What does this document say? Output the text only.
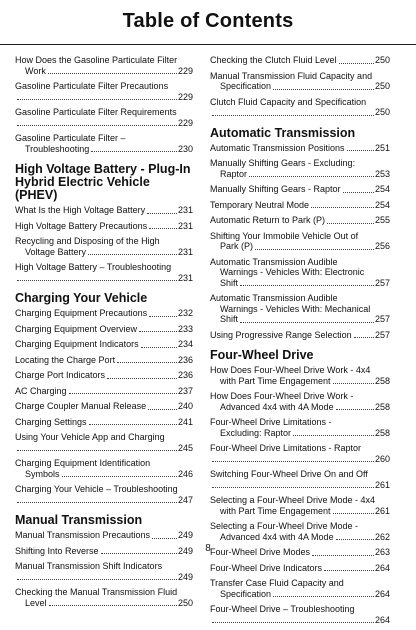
Table of Contents
How Does the Gasoline Particulate Filter
Work	229
Gasoline Particulate Filter Precautions
229
Gasoline Particulate Filter Requirements
229
Gasoline Particulate Filter –
Troubleshooting	230
High Voltage Battery - Plug-In Hybrid Electric Vehicle (PHEV)
What Is the High Voltage Battery	231
High Voltage Battery Precautions	231
Recycling and Disposing of the High
Voltage Battery	231
High Voltage Battery – Troubleshooting
231
Charging Your Vehicle
Charging Equipment Precautions	232
Charging Equipment Overview	233
Charging Equipment Indicators	234
Locating the Charge Port	236
Charge Port Indicators	236
AC Charging	237
Charge Coupler Manual Release	240
Charging Settings	241
Using Your Vehicle App and Charging
245
Charging Equipment Identification
Symbols	246
Charging Your Vehicle – Troubleshooting
247
Manual Transmission
Manual Transmission Precautions	249
Shifting Into Reverse	249
Manual Transmission Shift Indicators
249
Checking the Manual Transmission Fluid
Level	250
Checking the Clutch Fluid Level	250
Manual Transmission Fluid Capacity and
Specification	250
Clutch Fluid Capacity and Specification
250
Automatic Transmission
Automatic Transmission Positions	251
Manually Shifting Gears - Excluding:
Raptor	253
Manually Shifting Gears - Raptor	254
Temporary Neutral Mode	254
Automatic Return to Park (P)	255
Shifting Your Immobile Vehicle Out of
Park (P)	256
Automatic Transmission Audible
Warnings - Vehicles With: Electronic
Shift	257
Automatic Transmission Audible
Warnings - Vehicles With: Mechanical
Shift	257
Using Progressive Range Selection	257
Four-Wheel Drive
How Does Four-Wheel Drive Work - 4x4
with Part Time Engagement	258
How Does Four-Wheel Drive Work -
Advanced 4x4 with 4A Mode	258
Four-Wheel Drive Limitations -
Excluding: Raptor	258
Four-Wheel Drive Limitations - Raptor
260
Switching Four-Wheel Drive On and Off
261
Selecting a Four-Wheel Drive Mode - 4x4
with Part Time Engagement	261
Selecting a Four-Wheel Drive Mode -
Advanced 4x4 with 4A Mode	262
Four-Wheel Drive Modes	263
Four-Wheel Drive Indicators	264
Transfer Case Fluid Capacity and
Specification	264
Four-Wheel Drive – Troubleshooting
264
8
